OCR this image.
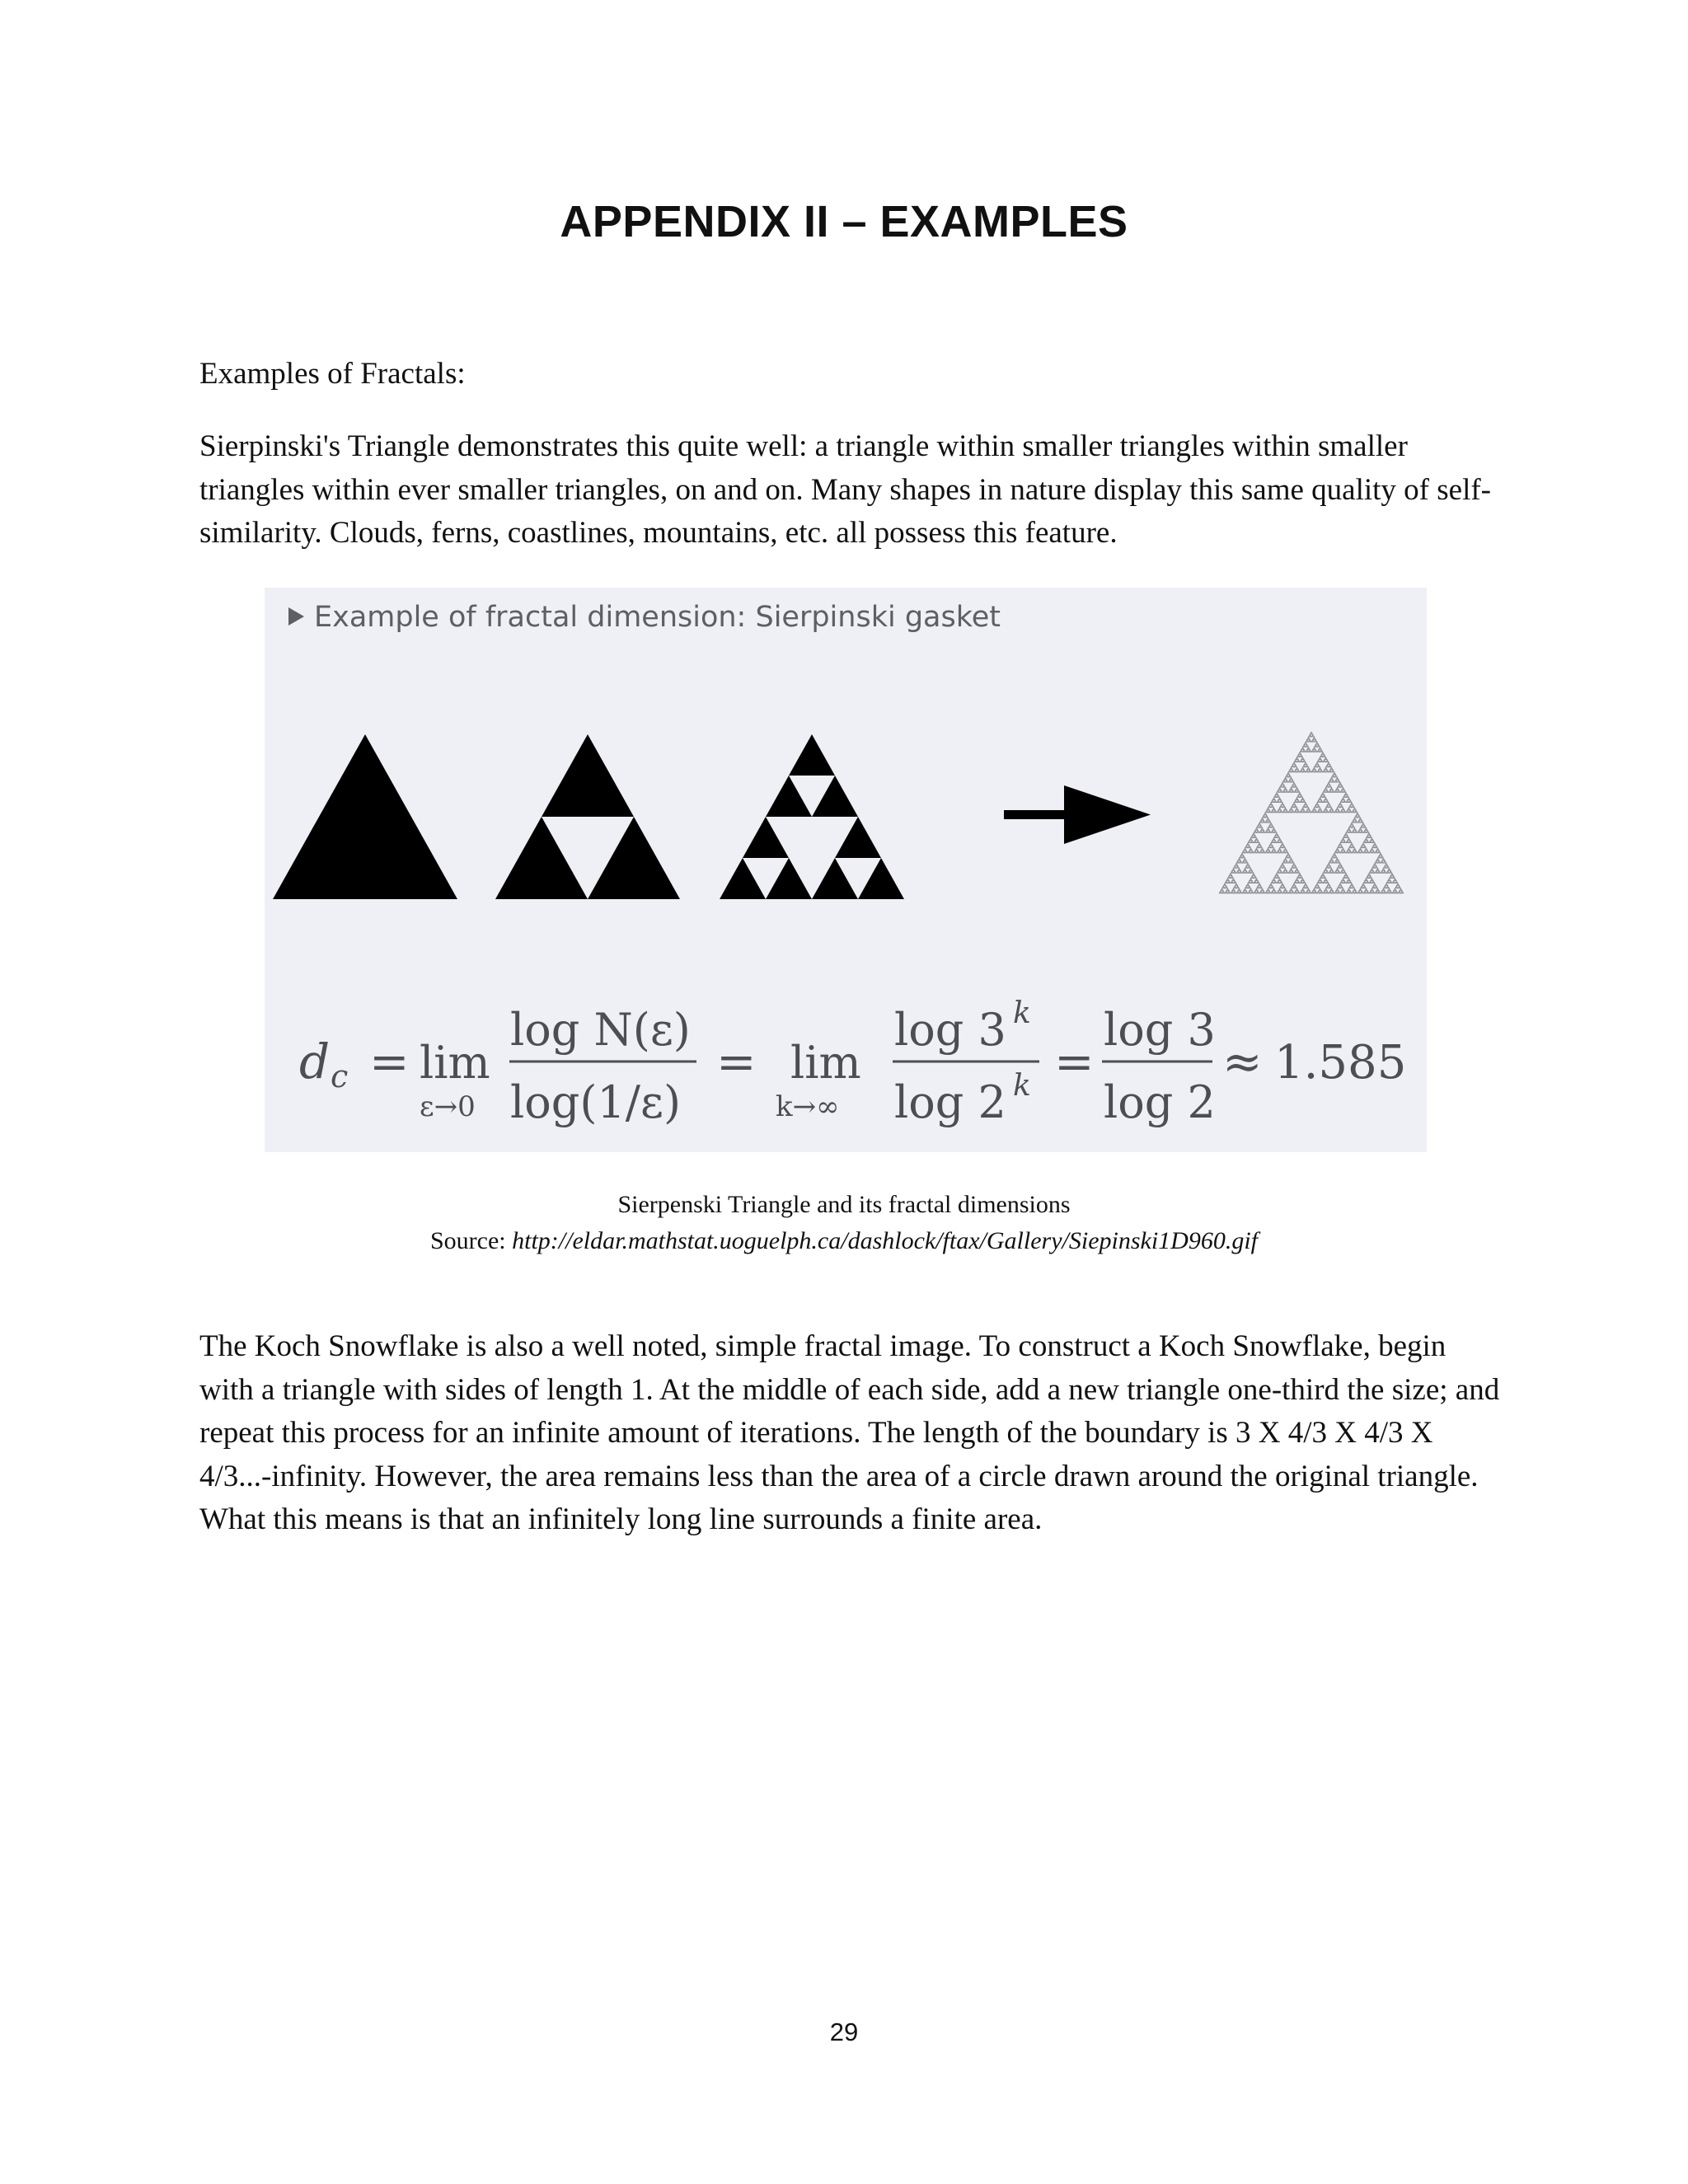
APPENDIX II – EXAMPLES
Examples of Fractals:
Sierpinski's Triangle demonstrates this quite well: a triangle within smaller triangles within smaller triangles within ever smaller triangles, on and on. Many shapes in nature display this same quality of self-similarity. Clouds, ferns, coastlines, mountains, etc. all possess this feature.
Example of fractal dimension: Sierpinski gasket
d c = lim
ε→0
log N(ε)
log(1/ε)
= lim
k→∞
log 3 k
log 2 k =
log 3
log 2
≈ 1.585
Sierpenski Triangle and its fractal dimensions
Source: http://eldar.mathstat.uoguelph.ca/dashlock/ftax/Gallery/Siepinski1D960.gif
The Koch Snowflake is also a well noted, simple fractal image. To construct a Koch Snowflake, begin with a triangle with sides of length 1. At the middle of each side, add a new triangle one-third the size; and repeat this process for an infinite amount of iterations. The length of the boundary is 3 X 4/3 X 4/3 X 4/3...-infinity. However, the area remains less than the area of a circle drawn around the original triangle. What this means is that an infinitely long line surrounds a finite area.
29
